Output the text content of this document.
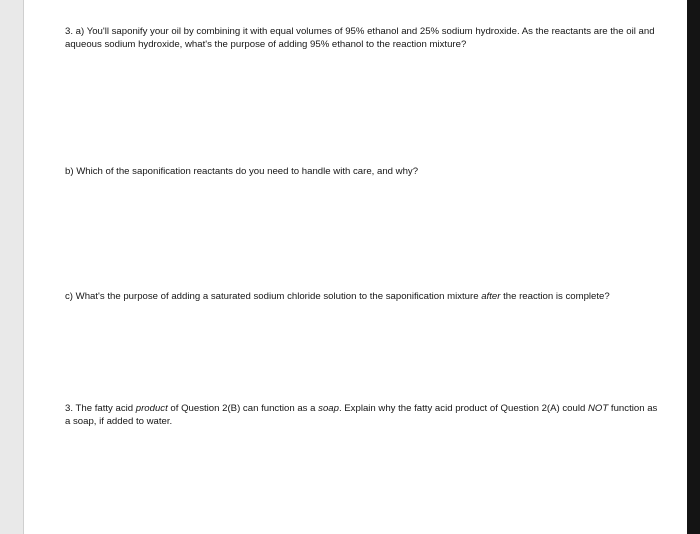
3. a) You'll saponify your oil by combining it with equal volumes of 95% ethanol and 25% sodium hydroxide. As the reactants are the oil and aqueous sodium hydroxide, what's the purpose of adding 95% ethanol to the reaction mixture?

b) Which of the saponification reactants do you need to handle with care, and why?

c) What's the purpose of adding a saturated sodium chloride solution to the saponification mixture after the reaction is complete?

3. The fatty acid product of Question 2(B) can function as a soap. Explain why the fatty acid product of Question 2(A) could NOT function as a soap, if added to water.
